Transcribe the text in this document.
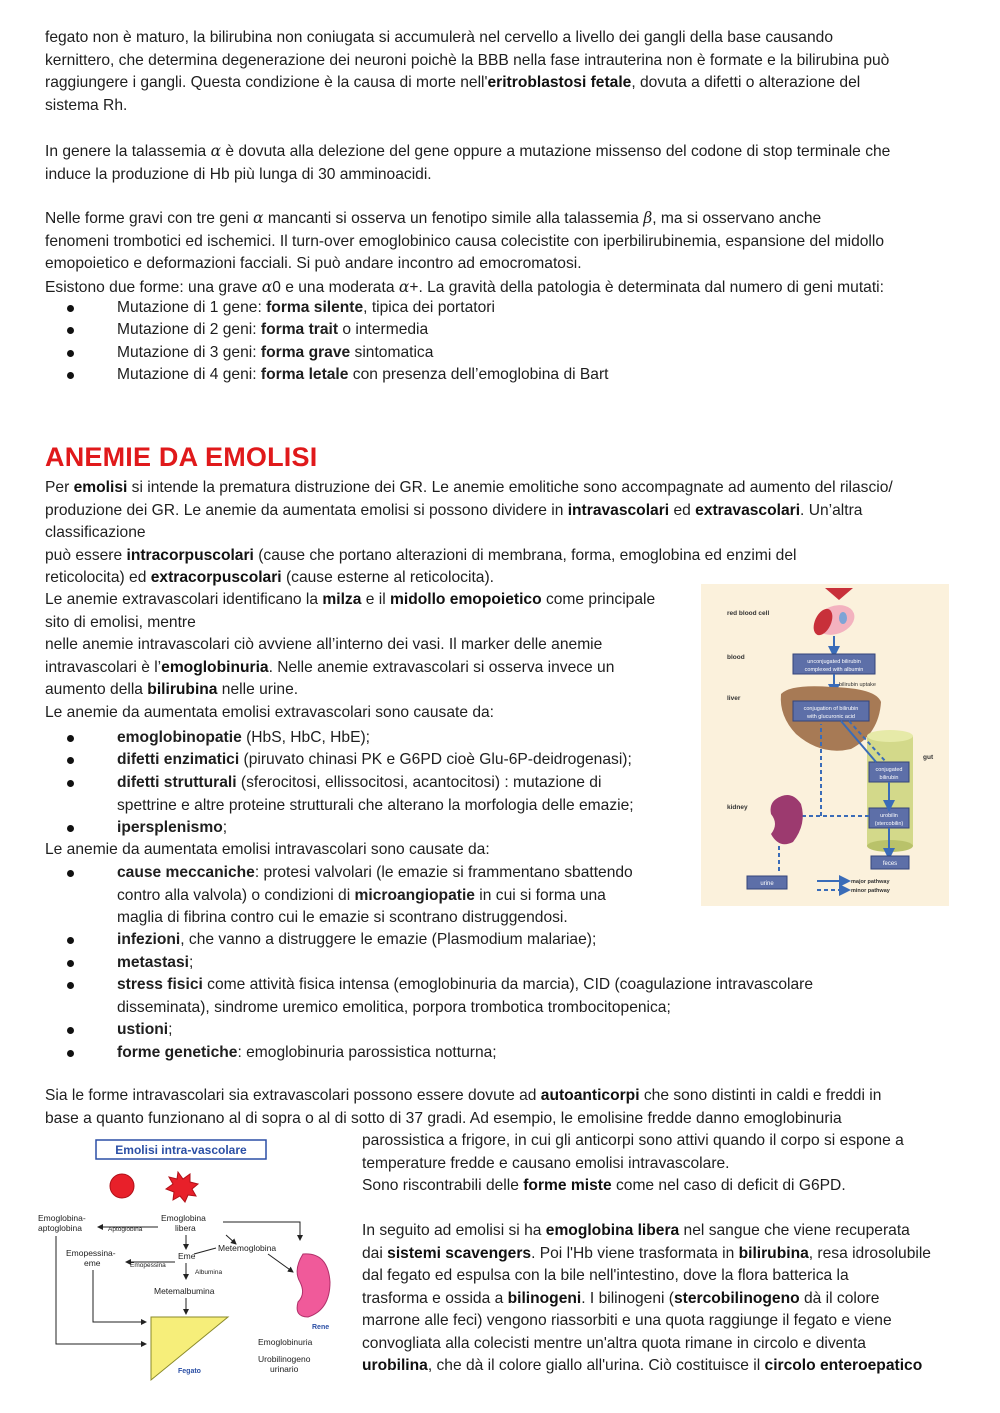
fegato non è maturo, la bilirubina non coniugata si accumulerà nel cervello a livello dei gangli della base causando
kernittero, che determina degenerazione dei neuroni poichè la BBB nella fase intrauterina non è formate e la bilirubina può
raggiungere i gangli. Questa condizione è la causa di morte nell'eritroblastosi fetale, dovuta a difetti o alterazione del
sistema Rh.

In genere la talassemia α è dovuta alla delezione del gene oppure a mutazione missenso del codone di stop terminale che
induce la produzione di Hb più lunga di 30 amminoacidi.

Nelle forme gravi con tre geni α mancanti si osserva un fenotipo simile alla talassemia β, ma si osservano anche
fenomeni trombotici ed ischemici. Il turn-over emoglobinico causa colecistite con iperbilirubinemia, espansione del midollo
emopoietico e deformazioni facciali. Si può andare incontro ad emocromatosi.
Esistono due forme: una grave α0 e una moderata α+. La gravità della patologia è determinata dal numero di geni mutati:

Mutazione di 1 gene: forma silente, tipica dei portatori

Mutazione di 2 geni: forma trait o intermedia

Mutazione di 3 geni: forma grave sintomatica

Mutazione di 4 geni: forma letale con presenza dell’emoglobina di Bart

ANEMIE DA EMOLISI

Per emolisi si intende la prematura distruzione dei GR. Le anemie emolitiche sono accompagnate ad aumento del rilascio/
produzione dei GR. Le anemie da aumentata emolisi si possono dividere in intravascolari ed extravascolari. Un’altra
classificazione
può essere intracorpuscolari (cause che portano alterazioni di membrana, forma, emoglobina ed enzimi del
reticolocita) ed extracorpuscolari (cause esterne al reticolocita).

Le anemie extravascolari identificano la milza e il midollo emopoietico come principale
sito di emolisi, mentre
nelle anemie intravascolari ciò avviene all’interno dei vasi. Il marker delle anemie
intravascolari è l’emoglobinuria. Nelle anemie extravascolari si osserva invece un
aumento della bilirubina nelle urine.
Le anemie da aumentata emolisi extravascolari sono causate da:

emoglobinopatie (HbS, HbC, HbE);

difetti enzimatici (piruvato chinasi PK e G6PD cioè Glu-6P-deidrogenasi);

difetti strutturali (sferocitosi, ellissocitosi, acantocitosi) : mutazione di
spettrine e altre proteine strutturali che alterano la morfologia delle emazie;

ipersplenismo;

Le anemie da aumentata emolisi intravascolari sono causate da:

cause meccaniche: protesi valvolari (le emazie si frammentano sbattendo
contro alla valvola) o condizioni di microangiopatie in cui si forma una
maglia di fibrina contro cui le emazie si scontrano distruggendosi.

infezioni, che vanno a distruggere le emazie (Plasmodium malariae);

metastasi;

stress fisici come attività fisica intensa (emoglobinuria da marcia), CID (coagulazione intravascolare
disseminata), sindrome uremico emolitica, porpora trombotica trombocitopenica;

ustioni;

forme genetiche: emoglobinuria parossistica notturna;

Sia le forme intravascolari sia extravascolari possono essere dovute ad autoanticorpi che sono distinti in caldi e freddi in
base a quanto funzionano al di sopra o al di sotto di 37 gradi. Ad esempio, le emolisine fredde danno emoglobinuria

parossistica a frigore, in cui gli anticorpi sono attivi quando il corpo si espone a
temperature fredde e causano emolisi intravascolare.
Sono riscontrabili delle forme miste come nel caso di deficit di G6PD.

In seguito ad emolisi si ha emoglobina libera nel sangue che viene recuperata
dai sistemi scavengers. Poi l'Hb viene trasformata in bilirubina, resa idrosolubile
dal fegato ed espulsa con la bile nell'intestino, dove la flora batterica la
trasforma e ossida a bilinogeni. I bilinogeni (stercobilinogeno dà il colore
marrone alle feci) vengono riassorbiti e una quota raggiunge il fegato e viene
convogliata alla colecisti mentre un'altra quota rimane in circolo e diventa
urobilina, che dà il colore giallo all'urina. Ciò costituisce il circolo enteroepatico

red blood cell
blood
liver
kidney
gut
unconjugated bilirubin
complexed with albumin
bilirubin uptake
conjugation of bilirubin
with glucuronic acid
conjugated
bilirubin
urobilin
(stercobilin)
feces
urine	major pathway
minor pathway
Emolisi intra-vascolare
Emoglobina-
aptoglobina	Aptoglobina
Emoglobina
libera
Emopessina-
eme	Emopessina
Eme
Metemoglobina
Albumina
Metemalbumina
Fegato
Rene
Emoglobinuria
Urobilinogeno
urinario
